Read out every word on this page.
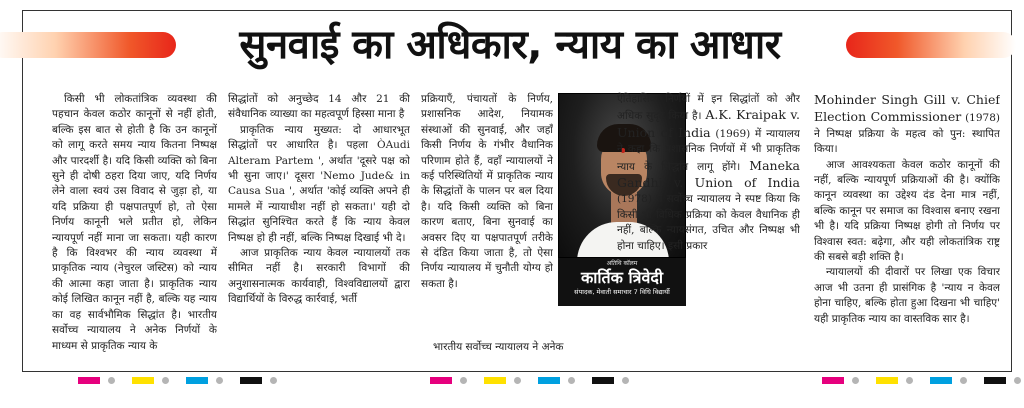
सुनवाई का अधिकार, न्याय का आधार

किसी भी लोकतांत्रिक व्यवस्था की पहचान केवल कठोर कानूनों से नहीं होती, बल्कि इस बात से होती है कि उन कानूनों को लागू करते समय न्याय कितना निष्पक्ष और पारदर्शी है। यदि किसी व्यक्ति को बिना सुने ही दोषी ठहरा दिया जाए, यदि निर्णय लेने वाला स्वयं उस विवाद से जुड़ा हो, या यदि प्रक्रिया ही पक्षपातपूर्ण हो, तो ऐसा निर्णय कानूनी भले प्रतीत हो, लेकिन न्यायपूर्ण नहीं माना जा सकता। यही कारण है कि विश्वभर की न्याय व्यवस्था में प्राकृतिक न्याय (नेचुरल जस्टिस) को न्याय की आत्मा कहा जाता है। प्राकृतिक न्याय कोई लिखित कानून नहीं है, बल्कि यह न्याय का वह सार्वभौमिक सिद्धांत है। भारतीय सर्वोच्च न्यायालय ने अनेक निर्णयों के माध्यम से प्राकृतिक न्याय के

सिद्धांतों को अनुच्छेद 14 और 21 की संवैधानिक व्याख्या का महत्वपूर्ण हिस्सा माना है

प्राकृतिक न्याय मुख्यत: दो आधारभूत सिद्धांतों पर आधारित है। पहला ÒAudi Alteram Partem ', अर्थात 'दूसरे पक्ष को भी सुना जाए।' दूसरा 'Nemo Jude& in Causa Sua ', अर्थात 'कोई व्यक्ति अपने ही मामले में न्यायाधीश नहीं हो सकता।' यही दो सिद्धांत सुनिश्चित करते हैं कि न्याय केवल निष्पक्ष हो ही नहीं, बल्कि निष्पक्ष दिखाई भी दे।

आज प्राकृतिक न्याय केवल न्यायालयों तक सीमित नहीं है। सरकारी विभागों की अनुशासनात्मक कार्यवाही, विश्वविद्यालयों द्वारा विद्यार्थियों के विरुद्ध कार्रवाई, भर्ती

प्रक्रियाएँ, पंचायतों के निर्णय, प्रशासनिक आदेश, नियामक संस्थाओं की सुनवाई, और जहाँ किसी निर्णय के गंभीर वैधानिक परिणाम होते हैं, वहाँ न्यायालयों ने कई परिस्थितियों में प्राकृतिक न्याय के सिद्धांतों के पालन पर बल दिया है। यदि किसी व्यक्ति को बिना कारण बताए, बिना सुनवाई का अवसर दिए या पक्षपातपूर्ण तरीके से दंडित किया जाता है, तो ऐसा निर्णय न्यायालय में चुनौती योग्य हो सकता है।

भारतीय सर्वोच्च न्यायालय ने अनेक
अतिथि कॉलम
कार्तिक त्रिवेदी
संपादक, मेवाती समाचार 7 विधि विद्यार्थी
ऐतिहासिक निर्णयों में इन सिद्धांतों को और अधिक सुदृढ़ किया है। A.K. Kraipak v. Union of India (1969) में न्यायालय ने कहा कि प्रशासनिक निर्णयों में भी प्राकृतिक न्याय के सिद्धांत लागू होंगे। Maneka Gandhi v. Union of India (1978) में सर्वोच्च न्यायालय ने स्पष्ट किया कि किसी भी विधिक प्रक्रिया को केवल वैधानिक ही नहीं, बल्कि न्यायसंगत, उचित और निष्पक्ष भी होना चाहिए। इसी प्रकार
Mohinder Singh Gill v. Chief Election Commissioner (1978) ने निष्पक्ष प्रक्रिया के महत्व को पुन: स्थापित किया।

आज आवश्यकता केवल कठोर कानूनों की नहीं, बल्कि न्यायपूर्ण प्रक्रियाओं की है। क्योंकि कानून व्यवस्था का उद्देश्य दंड देना मात्र नहीं, बल्कि कानून पर समाज का विश्वास बनाए रखना भी है। यदि प्रक्रिया निष्पक्ष होगी तो निर्णय पर विश्वास स्वत: बढ़ेगा, और यही लोकतांत्रिक राष्ट्र की सबसे बड़ी शक्ति है।

न्यायालयों की दीवारों पर लिखा एक विचार आज भी उतना ही प्रासंगिक है 'न्याय न केवल होना चाहिए, बल्कि होता हुआ दिखना भी चाहिए' यही प्राकृतिक न्याय का वास्तविक सार है।
